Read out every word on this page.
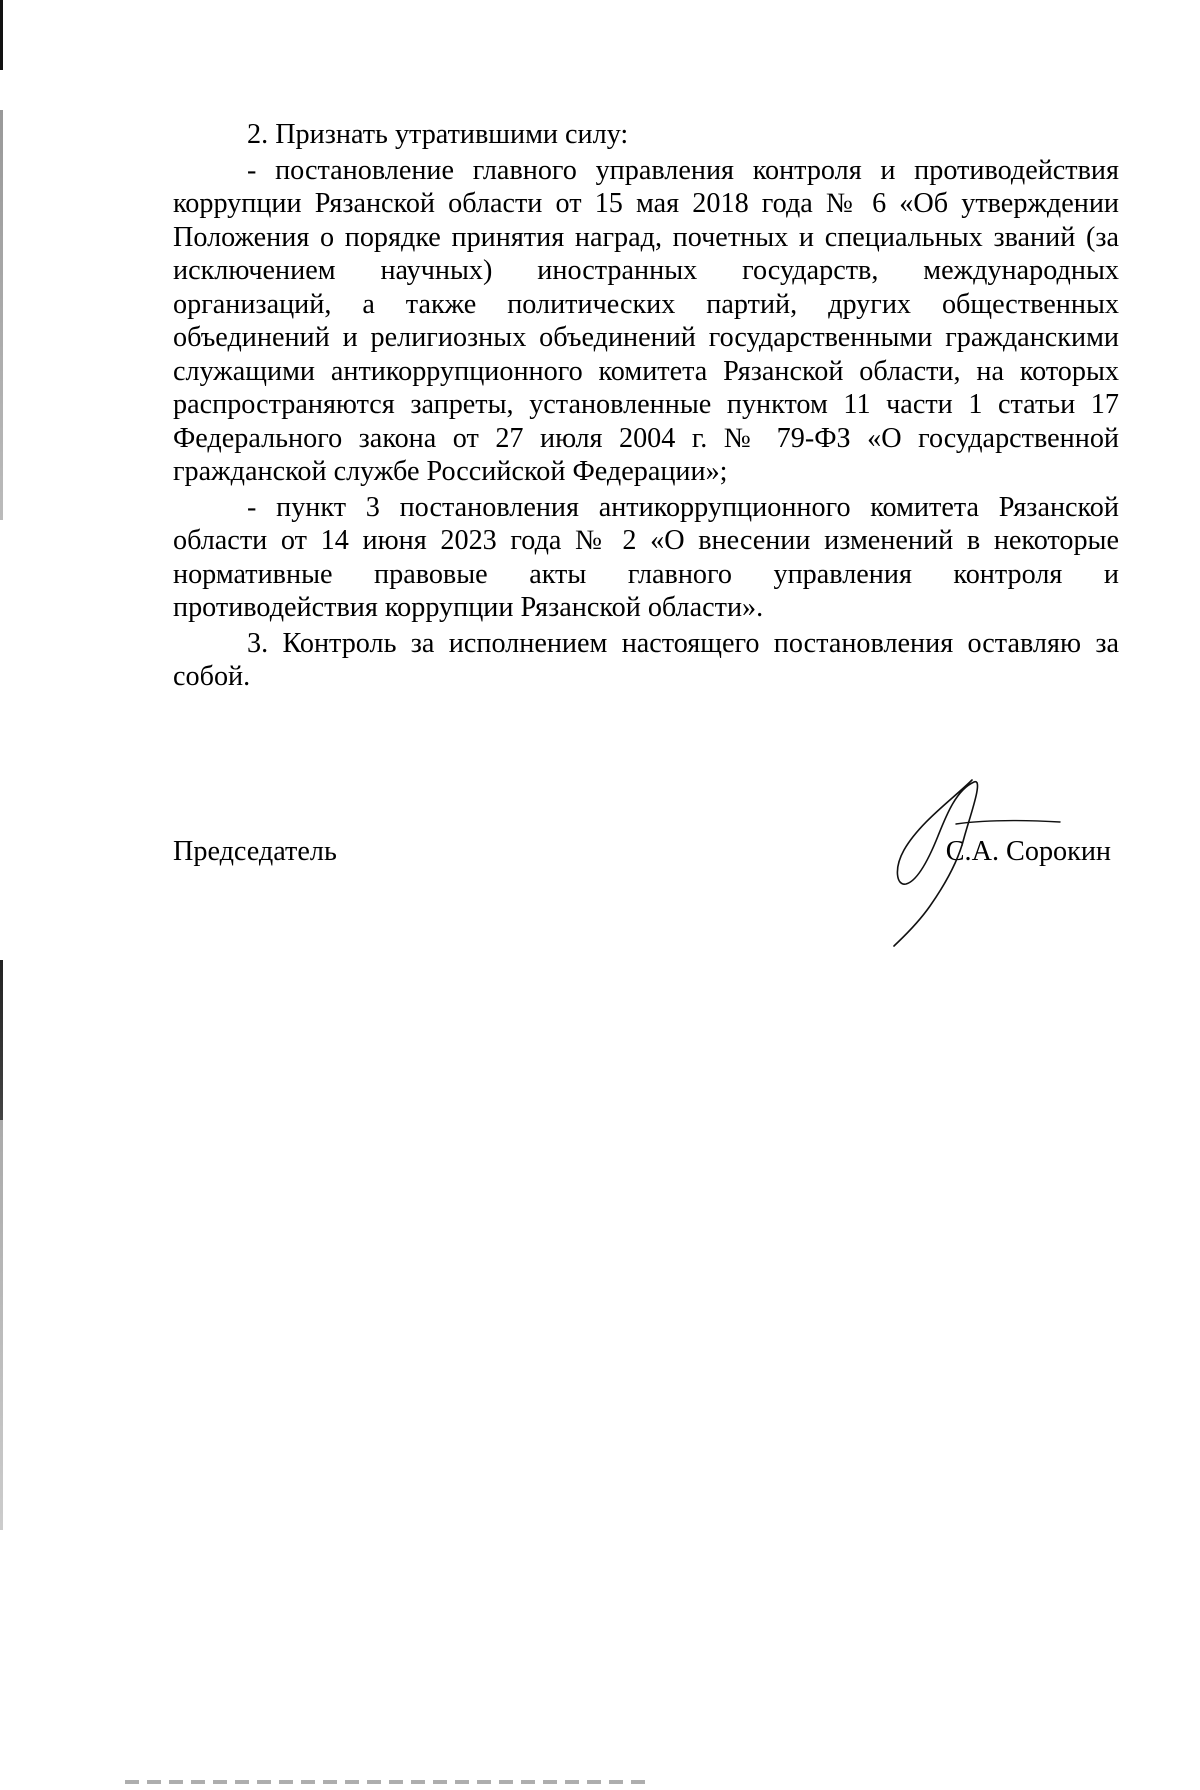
2. Признать утратившими силу:

- постановление главного управления контроля и противодействия коррупции Рязанской области от 15 мая 2018 года № 6 «Об утверждении Положения о порядке принятия наград, почетных и специальных званий (за исключением научных) иностранных государств, международных организаций, а также политических партий, других общественных объединений и религиозных объединений государственными гражданскими служащими антикоррупционного комитета Рязанской области, на которых распространяются запреты, установленные пунктом 11 части 1 статьи 17 Федерального закона от 27 июля 2004 г. № 79-ФЗ «О государственной гражданской службе Российской Федерации»;

- пункт 3 постановления антикоррупционного комитета Рязанской области от 14 июня 2023 года № 2 «О внесении изменений в некоторые нормативные правовые акты главного управления контроля и противодействия коррупции Рязанской области».

3. Контроль за исполнением настоящего постановления оставляю за собой.

Председатель	С.А. Сорокин
